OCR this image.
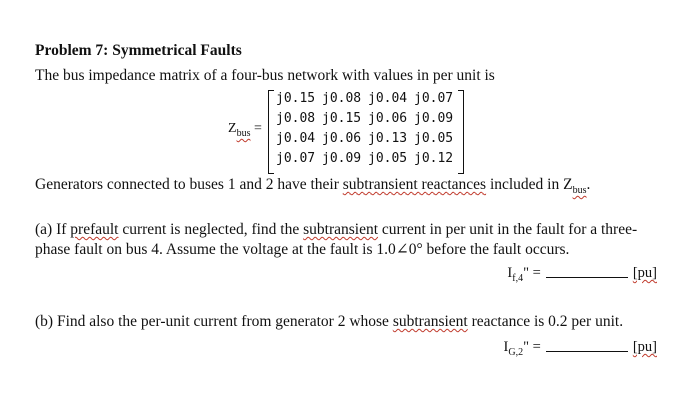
Problem 7: Symmetrical Faults
The bus impedance matrix of a four-bus network with values in per unit is
$Z_{bus}$ =
j0.15 j0.08 j0.04 j0.07
j0.08 j0.15 j0.06 j0.09
j0.04 j0.06 j0.13 j0.05
j0.07 j0.09 j0.05 j0.12
Generators connected to buses 1 and 2 have their subtransient reactances included in $Z_{bus}$.
(a) If prefault current is neglected, find the subtransient current in per unit in the fault for a three-
phase fault on bus 4. Assume the voltage at the fault is 1.0∠0° before the fault occurs.
$I_{f,4}$" =	[pu]
(b) Find also the per-unit current from generator 2 whose subtransient reactance is 0.2 per unit.
$I_{G,2}$" =	[pu]
